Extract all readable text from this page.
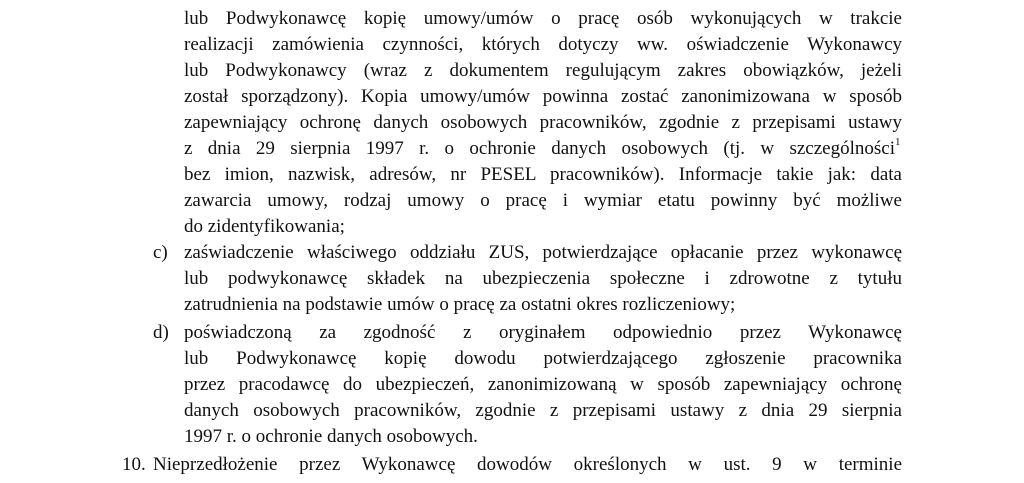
lub Podwykonawcę kopię umowy/umów o pracę osób wykonujących w trakcie
realizacji zamówienia czynności, których dotyczy ww. oświadczenie Wykonawcy
lub Podwykonawcy (wraz z dokumentem regulującym zakres obowiązków, jeżeli
został sporządzony). Kopia umowy/umów powinna zostać zanonimizowana w sposób
zapewniający ochronę danych osobowych pracowników, zgodnie z przepisami ustawy
z dnia 29 sierpnia 1997 r. o ochronie danych osobowych (tj. w szczególności$^1$
bez imion, nazwisk, adresów, nr PESEL pracowników). Informacje takie jak: data
zawarcia umowy, rodzaj umowy o pracę i wymiar etatu powinny być możliwe
do zidentyfikowania;
c) zaświadczenie właściwego oddziału ZUS, potwierdzające opłacanie przez wykonawcę
lub podwykonawcę składek na ubezpieczenia społeczne i zdrowotne z tytułu
zatrudnienia na podstawie umów o pracę za ostatni okres rozliczeniowy;
d) poświadczoną za zgodność z oryginałem odpowiednio przez Wykonawcę
lub Podwykonawcę kopię dowodu potwierdzającego zgłoszenie pracownika
przez pracodawcę do ubezpieczeń, zanonimizowaną w sposób zapewniający ochronę
danych osobowych pracowników, zgodnie z przepisami ustawy z dnia 29 sierpnia
1997 r. o ochronie danych osobowych.
10. Nieprzedłożenie przez Wykonawcę dowodów określonych w ust. 9 w terminie
